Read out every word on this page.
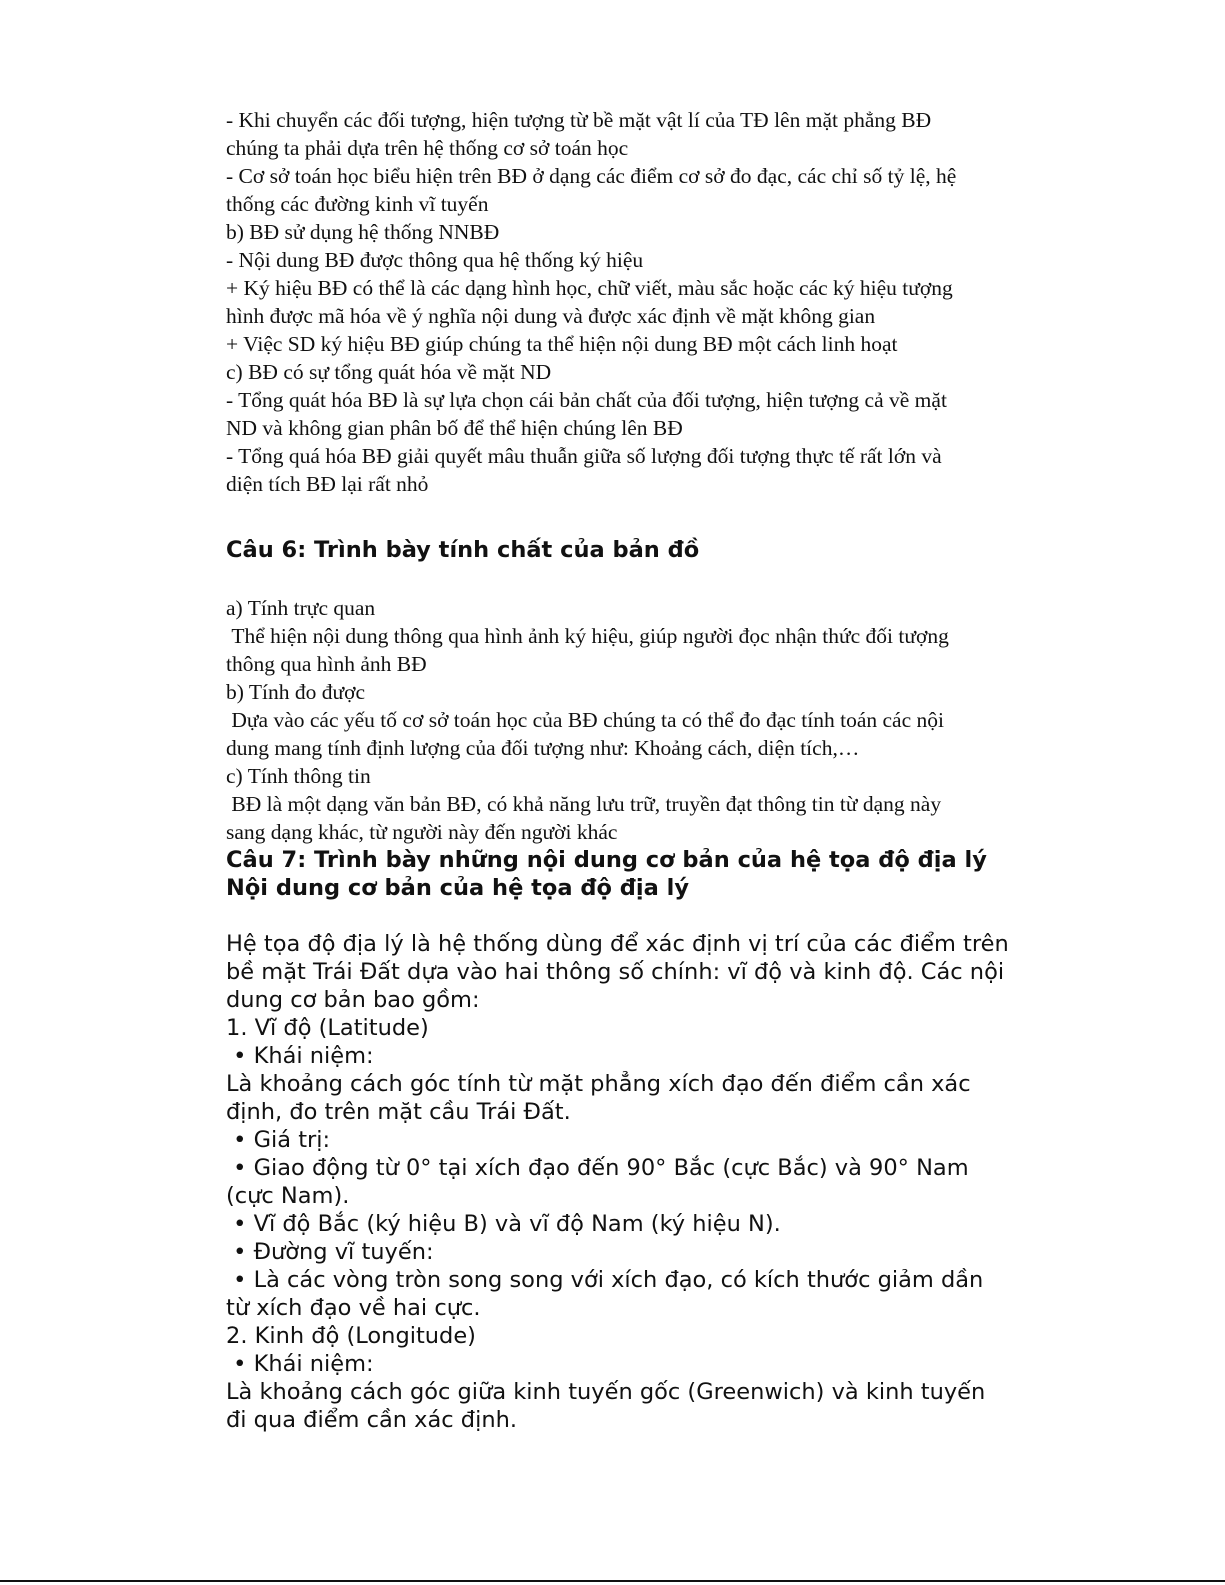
- Khi chuyển các đối tượng, hiện tượng từ bề mặt vật lí của TĐ lên mặt phẳng BĐ

chúng ta phải dựa trên hệ thống cơ sở toán học

- Cơ sở toán học biểu hiện trên BĐ ở dạng các điểm cơ sở đo đạc, các chỉ số tỷ lệ, hệ

thống các đường kinh vĩ tuyến

b) BĐ sử dụng hệ thống NNBĐ

- Nội dung BĐ được thông qua hệ thống ký hiệu

+ Ký hiệu BĐ có thể là các dạng hình học, chữ viết, màu sắc hoặc các ký hiệu tượng

hình được mã hóa về ý nghĩa nội dung và được xác định về mặt không gian

+ Việc SD ký hiệu BĐ giúp chúng ta thể hiện nội dung BĐ một cách linh hoạt

c) BĐ có sự tổng quát hóa về mặt ND

- Tổng quát hóa BĐ là sự lựa chọn cái bản chất của đối tượng, hiện tượng cả về mặt

ND và không gian phân bố để thể hiện chúng lên BĐ

- Tổng quá hóa BĐ giải quyết mâu thuẫn giữa số lượng đối tượng thực tế rất lớn và

diện tích BĐ lại rất nhỏ

Câu 6: Trình bày tính chất của bản đồ

a) Tính trực quan

Thể hiện nội dung thông qua hình ảnh ký hiệu, giúp người đọc nhận thức đối tượng

thông qua hình ảnh BĐ

b) Tính đo được

Dựa vào các yếu tố cơ sở toán học của BĐ chúng ta có thể đo đạc tính toán các nội

dung mang tính định lượng của đối tượng như: Khoảng cách, diện tích,…

c) Tính thông tin

BĐ là một dạng văn bản BĐ, có khả năng lưu trữ, truyền đạt thông tin từ dạng này

sang dạng khác, từ người này đến người khác

Câu 7: Trình bày những nội dung cơ bản của hệ tọa độ địa lý
Nội dung cơ bản của hệ tọa độ địa lý

Hệ tọa độ địa lý là hệ thống dùng để xác định vị trí của các điểm trên

bề mặt Trái Đất dựa vào hai thông số chính: vĩ độ và kinh độ. Các nội

dung cơ bản bao gồm:

1. Vĩ độ (Latitude)

• Khái niệm:

Là khoảng cách góc tính từ mặt phẳng xích đạo đến điểm cần xác

định, đo trên mặt cầu Trái Đất.

• Giá trị:

• Giao động từ 0° tại xích đạo đến 90° Bắc (cực Bắc) và 90° Nam

(cực Nam).

• Vĩ độ Bắc (ký hiệu B) và vĩ độ Nam (ký hiệu N).

• Đường vĩ tuyến:

• Là các vòng tròn song song với xích đạo, có kích thước giảm dần

từ xích đạo về hai cực.

2. Kinh độ (Longitude)

• Khái niệm:

Là khoảng cách góc giữa kinh tuyến gốc (Greenwich) và kinh tuyến

đi qua điểm cần xác định.
